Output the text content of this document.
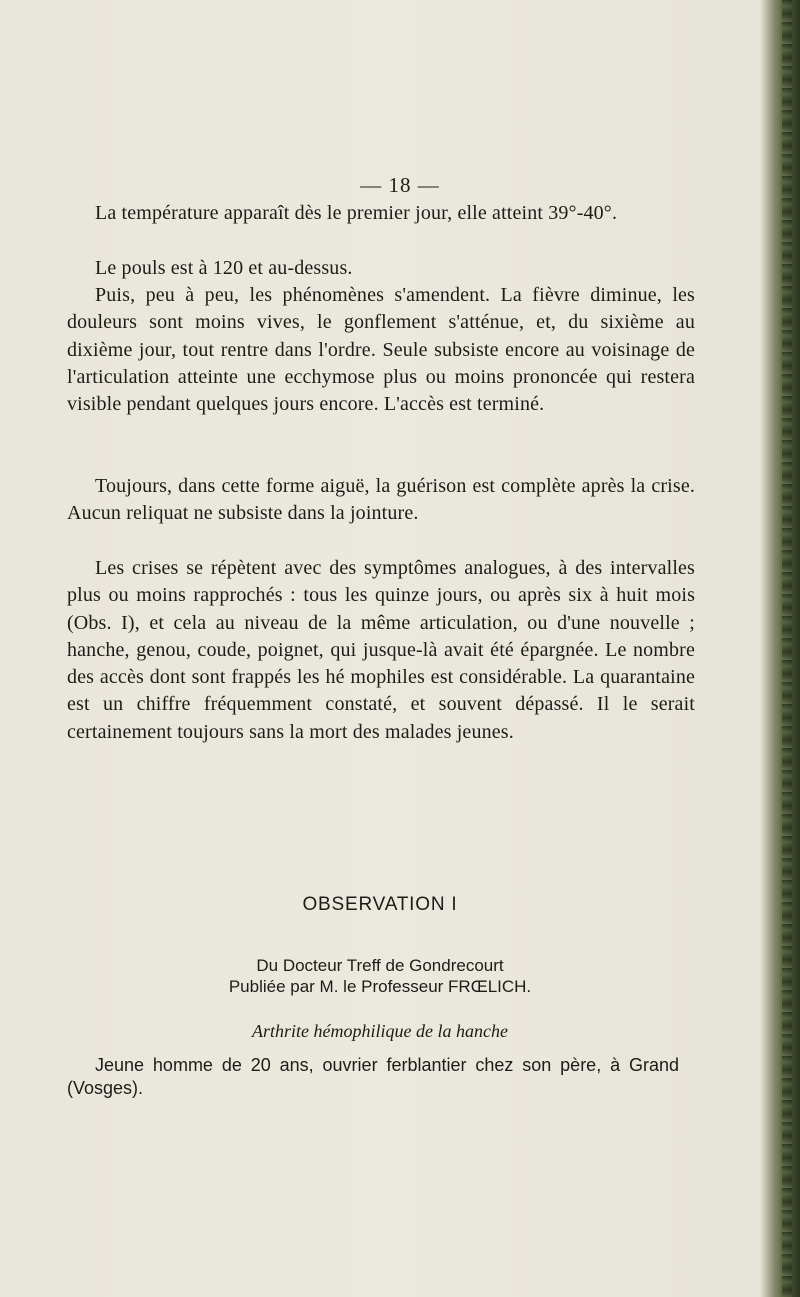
— 18 —

La température apparaît dès le premier jour, elle atteint 39°-40°.

Le pouls est à 120 et au-dessus.

Puis, peu à peu, les phénomènes s'amendent. La fièvre diminue, les douleurs sont moins vives, le gonflement s'atténue, et, du sixième au dixième jour, tout rentre dans l'ordre. Seule subsiste encore au voisinage de l'articulation atteinte une ecchymose plus ou moins prononcée qui restera visible pendant quelques jours encore. L'accès est terminé.

Toujours, dans cette forme aiguë, la guérison est complète après la crise. Aucun reliquat ne subsiste dans la jointure.

Les crises se répètent avec des symptômes analogues, à des intervalles plus ou moins rapprochés : tous les quinze jours, ou après six à huit mois (Obs. I), et cela au niveau de la même articulation, ou d'une nouvelle ; hanche, genou, coude, poignet, qui jusque-là avait été épargnée. Le nombre des accès dont sont frappés les hé mophiles est considérable. La quarantaine est un chiffre fréquemment constaté, et souvent dépassé. Il le serait certainement toujours sans la mort des malades jeunes.

OBSERVATION I
Du Docteur Treff de Gondrecourt
Publiée par M. le Professeur FRŒLICH.
Arthrite hémophilique de la hanche

Jeune homme de 20 ans, ouvrier ferblantier chez son père, à Grand (Vosges).
